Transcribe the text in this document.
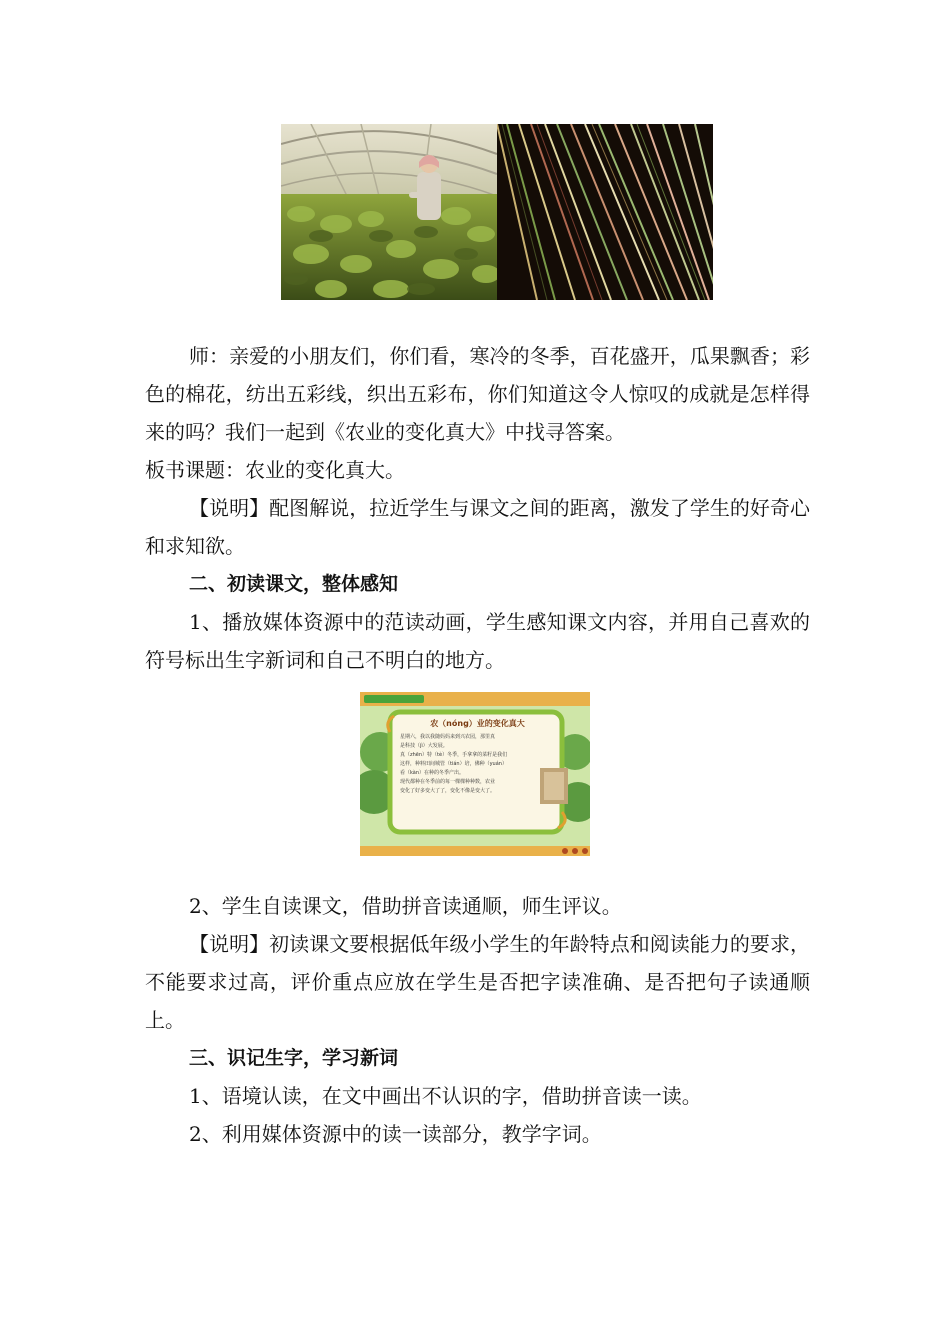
师：亲爱的小朋友们，你们看，寒冷的冬季，百花盛开，瓜果飘香；彩色的棉花，纺出五彩线，织出五彩布，你们知道这令人惊叹的成就是怎样得来的吗？我们一起到《农业的变化真大》中找寻答案。

板书课题：农业的变化真大。

【说明】配图解说，拉近学生与课文之间的距离，激发了学生的好奇心和求知欲。

二、初读课文，整体感知

1、播放媒体资源中的范读动画，学生感知课文内容，并用自己喜欢的符号标出生字新词和自己不明白的地方。

农（nóng）业的变化真大
星期六，我以我随妈妈来到兴农园，那里真
是科技（jì）大发展。
真（zhēn）特（tè）冬季，手拿拿的菜籽是我们
这样，种料田间城管（tián）培，佛种（yuán）
看（kàn）在种的冬季产出。
现代都种在冬季前的每一棵棵种种数，农业
变化了好多变大了了，变化不像是变大了。

2、学生自读课文，借助拼音读通顺，师生评议。

【说明】初读课文要根据低年级小学生的年龄特点和阅读能力的要求，不能要求过高，评价重点应放在学生是否把字读准确、是否把句子读通顺上。

三、识记生字，学习新词

1、语境认读，在文中画出不认识的字，借助拼音读一读。

2、利用媒体资源中的读一读部分，教学字词。
